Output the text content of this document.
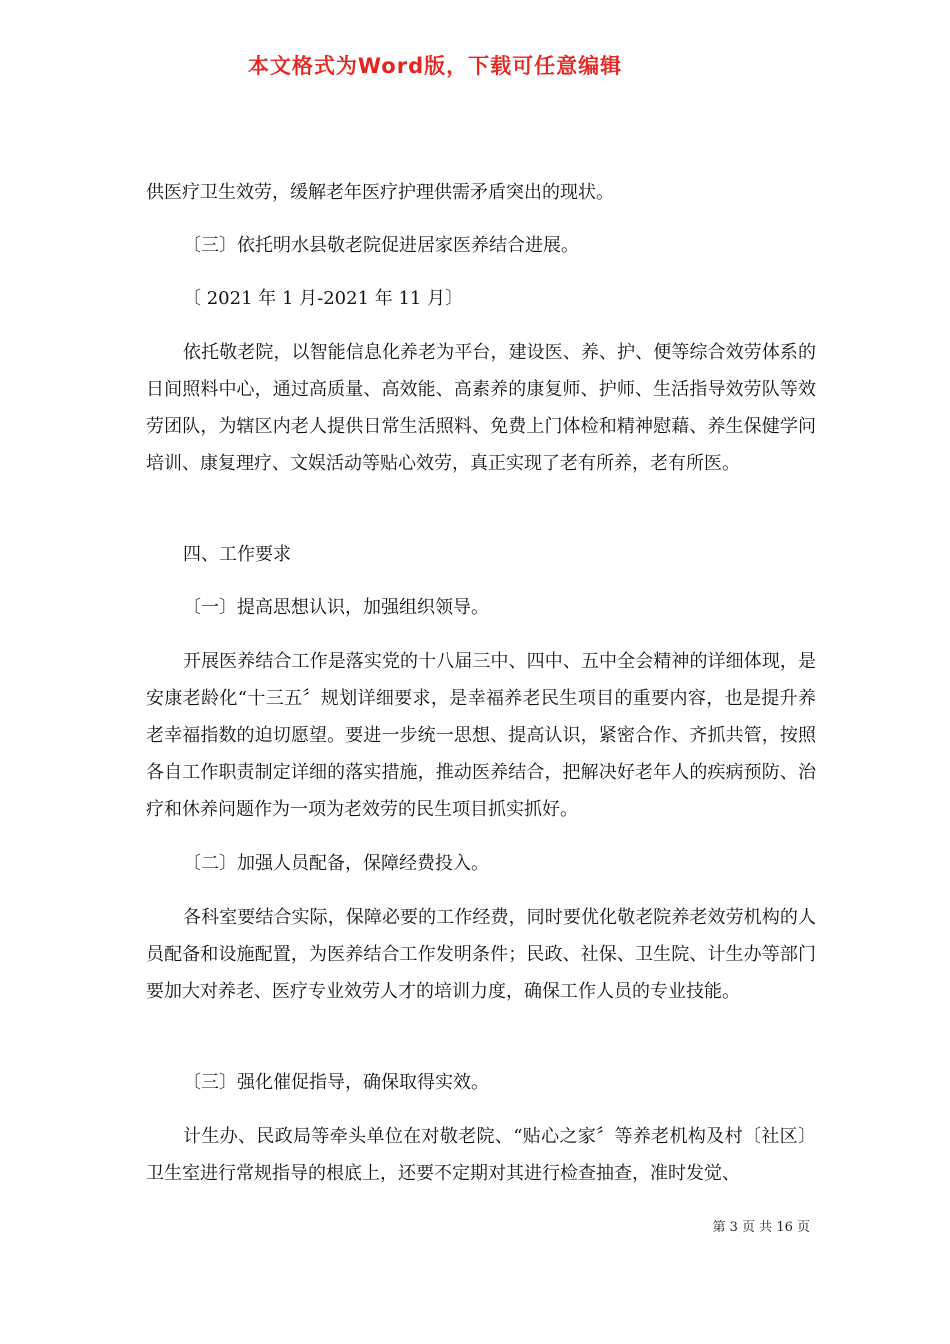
本文格式为Word版，下载可任意编辑
供医疗卫生效劳，缓解老年医疗护理供需矛盾突出的现状。
〔三〕依托明水县敬老院促进居家医养结合进展。
〔 2021 年 1 月-2021 年 11 月〕
依托敬老院，以智能信息化养老为平台，建设医、养、护、便等综合效劳体系的日间照料中心，通过高质量、高效能、高素养的康复师、护师、生活指导效劳队等效劳团队，为辖区内老人提供日常生活照料、免费上门体检和精神慰藉、养生保健学问培训、康复理疗、文娱活动等贴心效劳，真正实现了老有所养，老有所医。
四、工作要求
〔一〕提高思想认识，加强组织领导。
开展医养结合工作是落实党的十八届三中、四中、五中全会精神的详细体现，是安康老龄化“十三五〞规划详细要求，是幸福养老民生项目的重要内容，也是提升养老幸福指数的迫切愿望。要进一步统一思想、提高认识，紧密合作、齐抓共管，按照各自工作职责制定详细的落实措施，推动医养结合，把解决好老年人的疾病预防、治疗和休养问题作为一项为老效劳的民生项目抓实抓好。
〔二〕加强人员配备，保障经费投入。
各科室要结合实际，保障必要的工作经费，同时要优化敬老院养老效劳机构的人员配备和设施配置，为医养结合工作发明条件；民政、社保、卫生院、计生办等部门要加大对养老、医疗专业效劳人才的培训力度，确保工作人员的专业技能。
〔三〕强化催促指导，确保取得实效。
计生办、民政局等牵头单位在对敬老院、“贴心之家〞等养老机构及村〔社区〕卫生室进行常规指导的根底上，还要不定期对其进行检查抽查，准时发觉、
第 3 页 共 16 页
